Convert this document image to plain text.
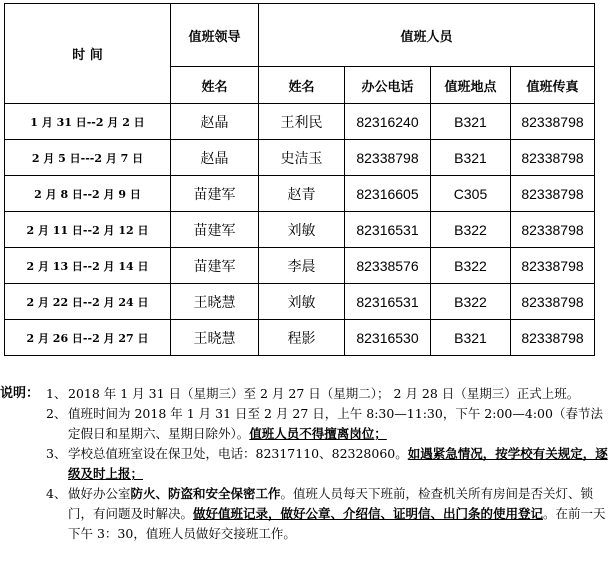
时 间	值班领导	值班人员			
	姓名	姓名	办公电话	值班地点	值班传真
1 月 31 日--2 月 2 日	赵晶	王利民	82316240	B321	82338798
2 月 5 日---2 月 7 日	赵晶	史洁玉	82338798	B321	82338798
2 月 8 日--2 月 9 日	苗建军	赵青	82316605	C305	82338798
2 月 11 日--2 月 12 日	苗建军	刘敏	82316531	B322	82338798
2 月 13 日--2 月 14 日	苗建军	李晨	82338576	B322	82338798
2 月 22 日--2 月 24 日	王晓慧	刘敏	82316531	B322	82338798
2 月 26 日--2 月 27 日	王晓慧	程影	82316530	B321	82338798
说明： 1、 2018 年 1 月 31 日（星期三）至 2 月 27 日（星期二）； 2 月 28 日（星期三）正式上班。
2、 值班时间为 2018 年 1 月 31 日至 2 月 27 日，上午 8:30—11:30，下午 2:00—4:00（春节法定假日和星期六、星期日除外）。值班人员不得擅离岗位；
3、 学校总值班室设在保卫处，电话：82317110、82328060。如遇紧急情况，按学校有关规定，逐级及时上报；
4、 做好办公室防火、防盗和安全保密工作。值班人员每天下班前，检查机关所有房间是否关灯、锁门，有问题及时解决。做好值班记录，做好公章、介绍信、证明信、出门条的使用登记。在前一天下午 3：30，值班人员做好交接班工作。
